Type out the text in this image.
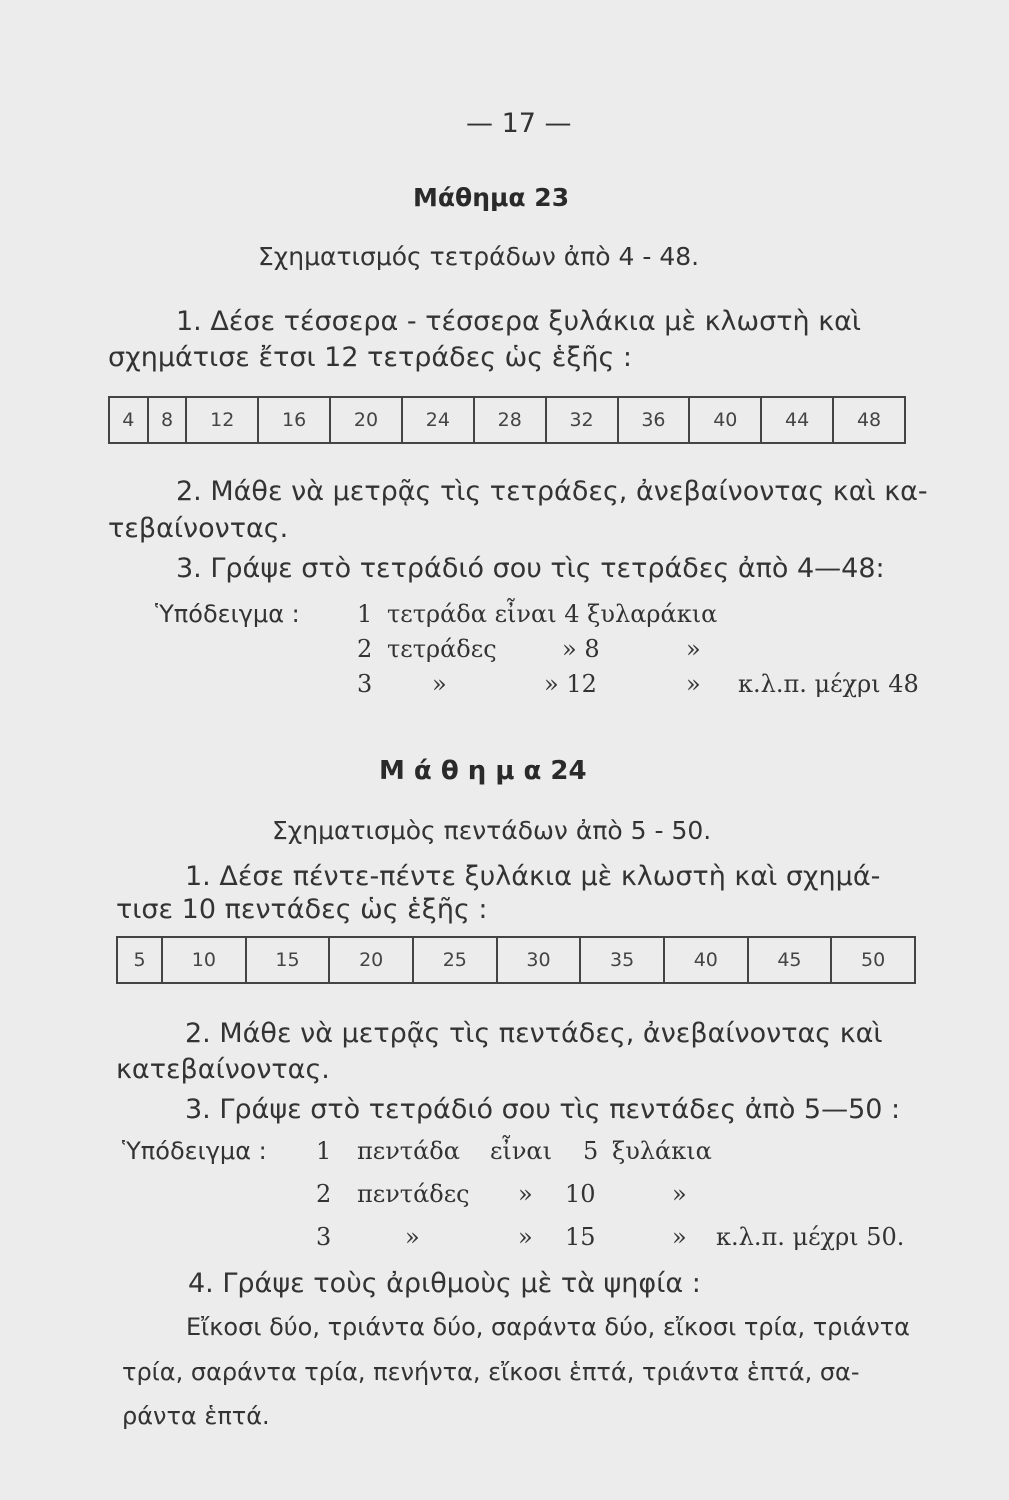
— 17 —
Μάθημα 23
Σχηματισμός τετράδων ἀπὸ 4 - 48.
1. Δέσε τέσσερα - τέσσερα ξυλάκια μὲ κλωστὴ καὶ
σχημάτισε ἔτσι 12 τετράδες ὡς ἑξῆς :
4	8	12	16	20	24	28	32	36	40	44	48
2. Μάθε νὰ μετρᾷς τὶς τετράδες, ἀνεβαίνοντας καὶ κα-
τεβαίνοντας.
3. Γράψε στὸ τετράδιό σου τὶς τετράδες ἀπὸ 4—48:
Ὑπόδειγμα : 1 τετράδα εἶναι 4 ξυλαράκια
2 τετράδες	» 8	»
3 »	» 12	» κ.λ.π. μέχρι 48
Μ ά θ η μ α 24
Σχηματισμὸς πεντάδων ἀπὸ 5 - 50.
1. Δέσε πέντε-πέντε ξυλάκια μὲ κλωστὴ καὶ σχημά-
τισε 10 πεντάδες ὡς ἑξῆς :
5	10	15	20	25	30	35	40	45	50
2. Μάθε νὰ μετρᾷς τὶς πεντάδες, ἀνεβαίνοντας καὶ
κατεβαίνοντας.
3. Γράψε στὸ τετράδιό σου τὶς πεντάδες ἀπὸ 5—50 :
Ὑπόδειγμα : 1 πεντάδα εἶναι 5 ξυλάκια
2 πεντάδες » 10	»
3	»	» 15	» κ.λ.π. μέχρι 50.
4. Γράψε τοὺς ἀριθμοὺς μὲ τὰ ψηφία :
Εἴκοσι δύο, τριάντα δύο, σαράντα δύο, εἴκοσι τρία, τριάντα
τρία, σαράντα τρία, πενήντα, εἴκοσι ἑπτά, τριάντα ἑπτά, σα-
ράντα ἑπτά.
